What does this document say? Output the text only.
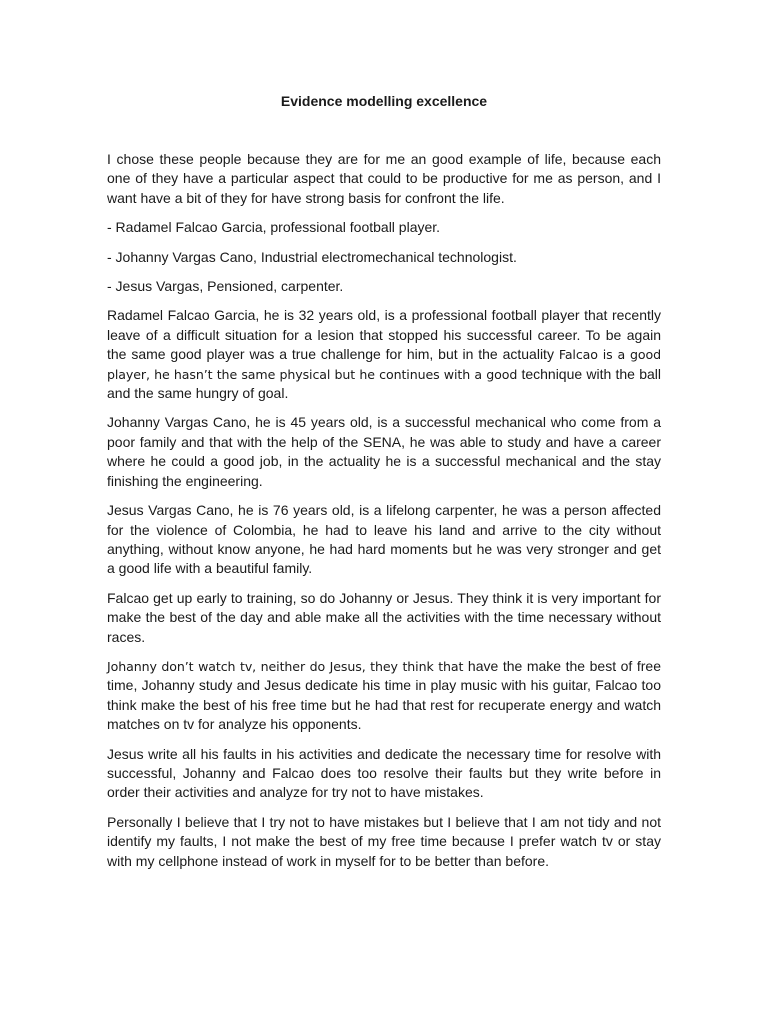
Evidence modelling excellence

I chose these people because they are for me an good example of life, because each one of they have a particular aspect that could to be productive for me as person, and I want have a bit of they for have strong basis for confront the life.

- Radamel Falcao Garcia, professional football player.

- Johanny Vargas Cano, Industrial electromechanical technologist.

- Jesus Vargas, Pensioned, carpenter.

Radamel Falcao Garcia, he is 32 years old, is a professional football player that recently leave of a difficult situation for a lesion that stopped his successful career. To be again the same good player was a true challenge for him, but in the actuality Falcao is a good player, he hasn’t the same physical but he continues with a good technique with the ball and the same hungry of goal.

Johanny Vargas Cano, he is 45 years old, is a successful mechanical who come from a poor family and that with the help of the SENA, he was able to study and have a career where he could a good job, in the actuality he is a successful mechanical and the stay finishing the engineering.

Jesus Vargas Cano, he is 76 years old, is a lifelong carpenter, he was a person affected for the violence of Colombia, he had to leave his land and arrive to the city without anything, without know anyone, he had hard moments but he was very stronger and get a good life with a beautiful family.

Falcao get up early to training, so do Johanny or Jesus. They think it is very important for make the best of the day and able make all the activities with the time necessary without races.

Johanny don’t watch tv, neither do Jesus, they think that have the make the best of free time, Johanny study and Jesus dedicate his time in play music with his guitar, Falcao too think make the best of his free time but he had that rest for recuperate energy and watch matches on tv for analyze his opponents.

Jesus write all his faults in his activities and dedicate the necessary time for resolve with successful, Johanny and Falcao does too resolve their faults but they write before in order their activities and analyze for try not to have mistakes.

Personally I believe that I try not to have mistakes but I believe that I am not tidy and not identify my faults, I not make the best of my free time because I prefer watch tv or stay with my cellphone instead of work in myself for to be better than before.
